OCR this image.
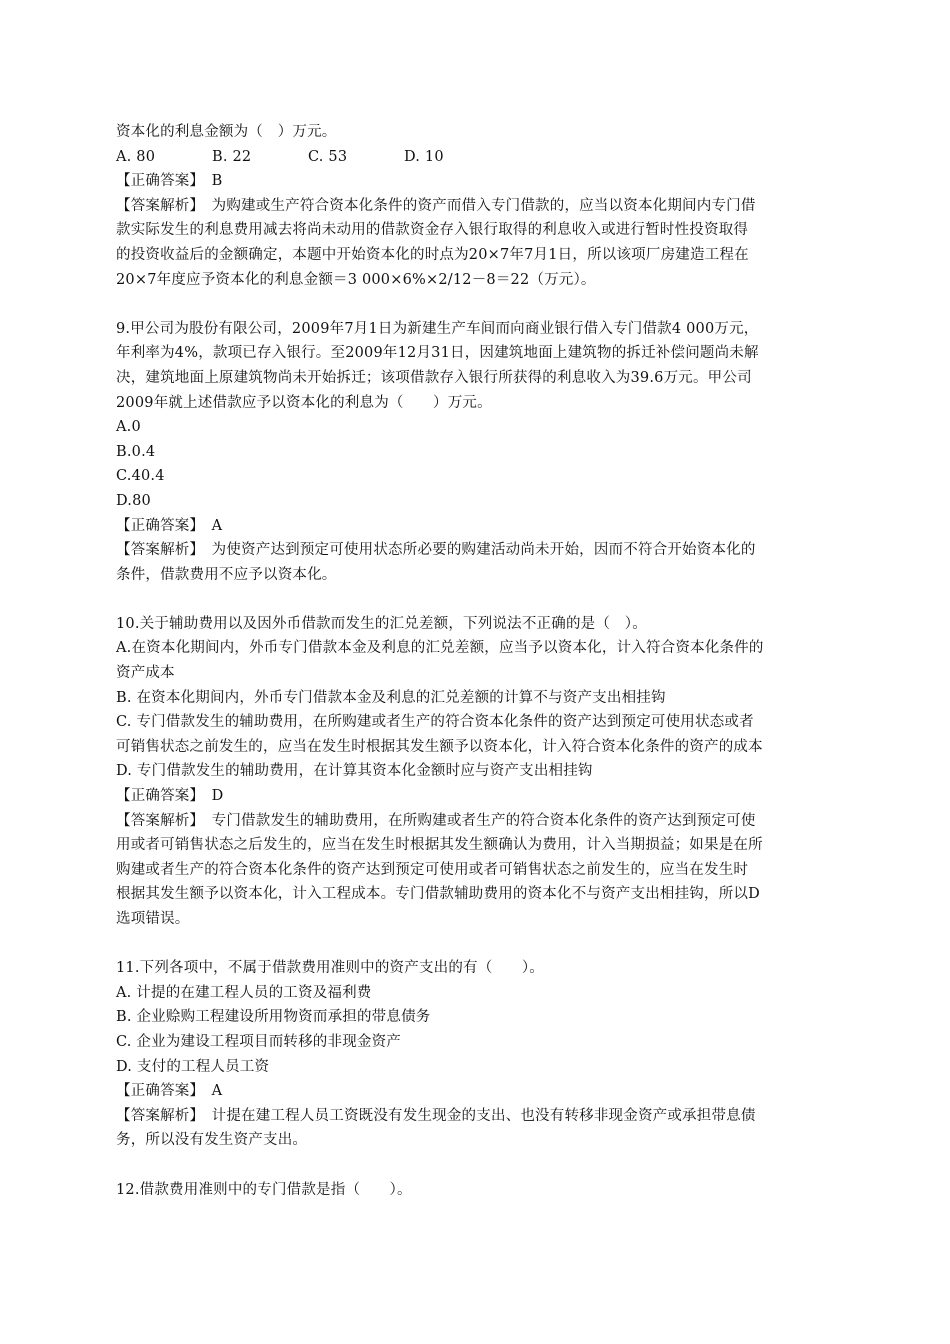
资本化的利息金额为（　）万元。
A. 80	B. 22	C. 53	D. 10
【正确答案】　B
【答案解析】　为购建或生产符合资本化条件的资产而借入专门借款的，应当以资本化期间内专门借
款实际发生的利息费用减去将尚未动用的借款资金存入银行取得的利息收入或进行暂时性投资取得
的投资收益后的金额确定，本题中开始资本化的时点为20×7年7月1日，所以该项厂房建造工程在
20×7年度应予资本化的利息金额＝3 000×6%×2/12－8＝22（万元）。
9.甲公司为股份有限公司，2009年7月1日为新建生产车间而向商业银行借入专门借款4 000万元，
年利率为4%，款项已存入银行。至2009年12月31日，因建筑地面上建筑物的拆迁补偿问题尚未解
决，建筑地面上原建筑物尚未开始拆迁；该项借款存入银行所获得的利息收入为39.6万元。甲公司
2009年就上述借款应予以资本化的利息为（　　）万元。
A.0
B.0.4
C.40.4
D.80
【正确答案】　A
【答案解析】　为使资产达到预定可使用状态所必要的购建活动尚未开始，因而不符合开始资本化的
条件，借款费用不应予以资本化。
10.关于辅助费用以及因外币借款而发生的汇兑差额，下列说法不正确的是（　）。
A.在资本化期间内，外币专门借款本金及利息的汇兑差额，应当予以资本化，计入符合资本化条件的
资产成本
B. 在资本化期间内，外币专门借款本金及利息的汇兑差额的计算不与资产支出相挂钩
C. 专门借款发生的辅助费用，在所购建或者生产的符合资本化条件的资产达到预定可使用状态或者
可销售状态之前发生的，应当在发生时根据其发生额予以资本化，计入符合资本化条件的资产的成本
D. 专门借款发生的辅助费用，在计算其资本化金额时应与资产支出相挂钩
【正确答案】　D
【答案解析】　专门借款发生的辅助费用，在所购建或者生产的符合资本化条件的资产达到预定可使
用或者可销售状态之后发生的，应当在发生时根据其发生额确认为费用，计入当期损益；如果是在所
购建或者生产的符合资本化条件的资产达到预定可使用或者可销售状态之前发生的，应当在发生时
根据其发生额予以资本化，计入工程成本。专门借款辅助费用的资本化不与资产支出相挂钩，所以D
选项错误。
11.下列各项中，不属于借款费用准则中的资产支出的有（　　）。
A. 计提的在建工程人员的工资及福利费
B. 企业赊购工程建设所用物资而承担的带息债务
C. 企业为建设工程项目而转移的非现金资产
D. 支付的工程人员工资
【正确答案】　A
【答案解析】　计提在建工程人员工资既没有发生现金的支出、也没有转移非现金资产或承担带息债
务，所以没有发生资产支出。
12.借款费用准则中的专门借款是指（　　）。
